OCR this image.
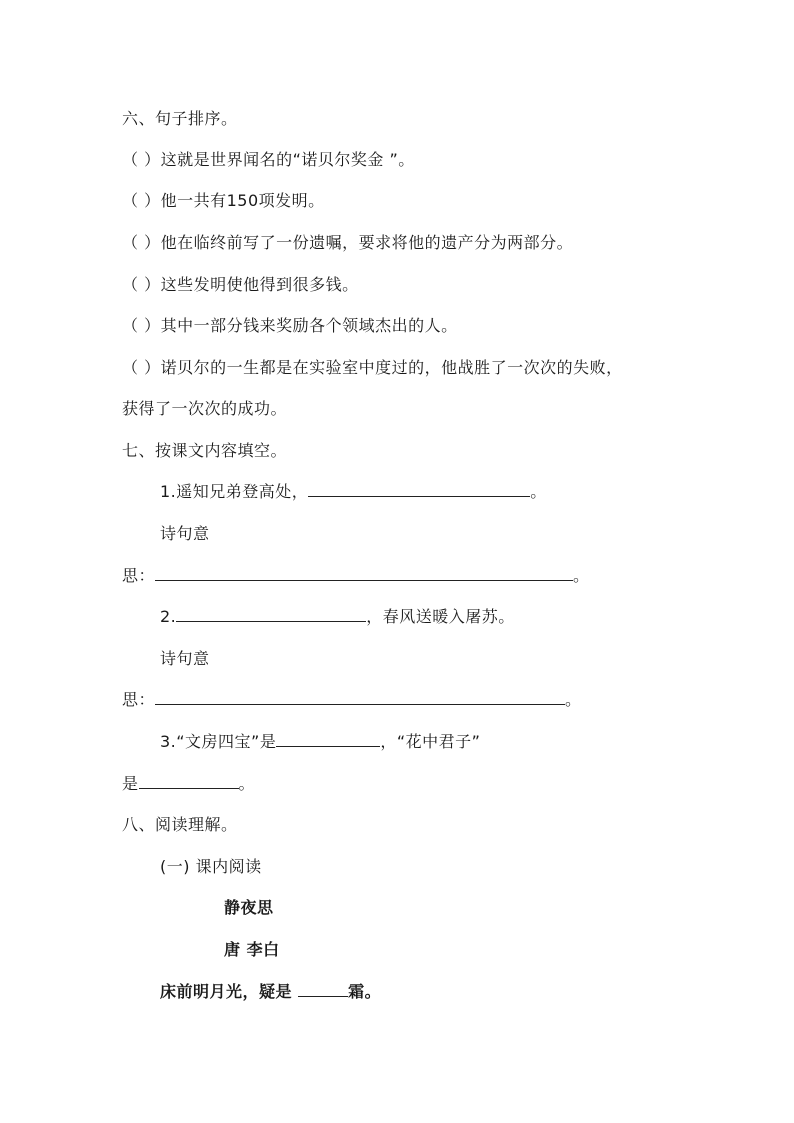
六、句子排序。
（ ）这就是世界闻名的“诺贝尔奖金 ”。
（ ）他一共有150项发明。
（ ）他在临终前写了一份遗嘱，要求将他的遗产分为两部分。
（ ）这些发明使他得到很多钱。
（ ）其中一部分钱来奖励各个领域杰出的人。
（ ）诺贝尔的一生都是在实验室中度过的，他战胜了一次次的失败，
获得了一次次的成功。
七、按课文内容填空。
1.遥知兄弟登高处，	。
诗句意
思：	。
2.	，春风送暖入屠苏。
诗句意
思：	。
3.“文房四宝”是	，“花中君子”
是	。
八、阅读理解。
(一) 课内阅读
静夜思
唐 李白
床前明月光，疑是	霜。
